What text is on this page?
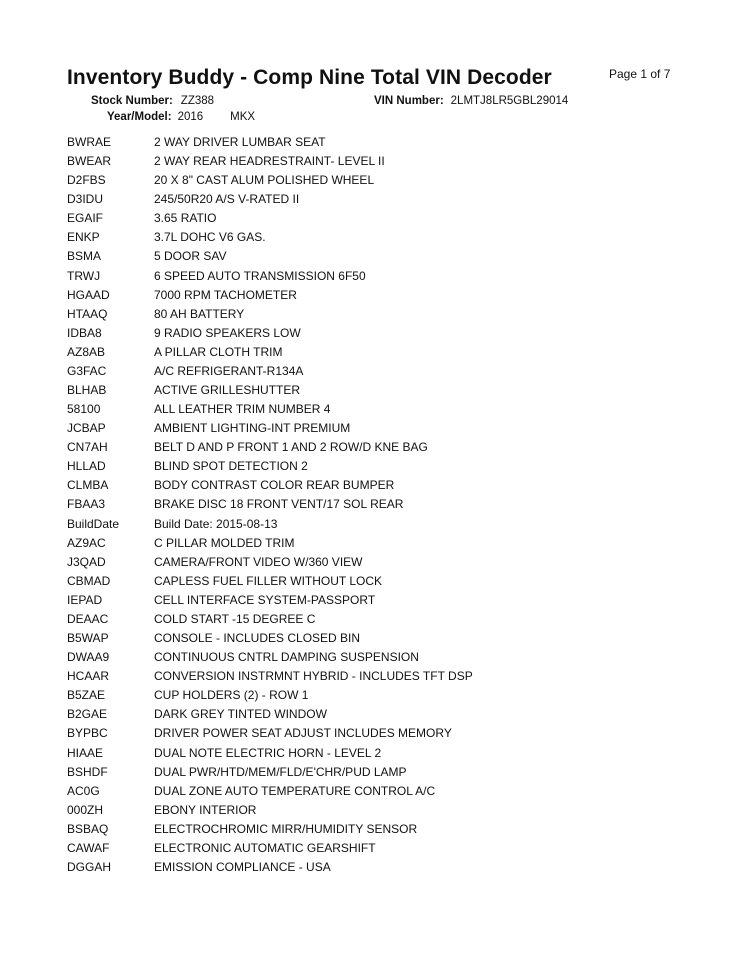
Inventory Buddy - Comp Nine Total VIN Decoder	Page 1 of 7
Stock Number: ZZ388	VIN Number: 2LMTJ8LR5GBL29014
Year/Model: 2016 MKX
BWRAE	2 WAY DRIVER LUMBAR SEAT
BWEAR	2 WAY REAR HEADRESTRAINT- LEVEL II
D2FBS	20 X 8" CAST ALUM POLISHED WHEEL
D3IDU	245/50R20 A/S V-RATED II
EGAIF	3.65 RATIO
ENKP	3.7L DOHC V6 GAS.
BSMA	5 DOOR SAV
TRWJ	6 SPEED AUTO TRANSMISSION 6F50
HGAAD	7000 RPM TACHOMETER
HTAAQ	80 AH BATTERY
IDBA8	9 RADIO SPEAKERS LOW
AZ8AB	A PILLAR CLOTH TRIM
G3FAC	A/C REFRIGERANT-R134A
BLHAB	ACTIVE GRILLESHUTTER
58100	ALL LEATHER TRIM NUMBER 4
JCBAP	AMBIENT LIGHTING-INT PREMIUM
CN7AH	BELT D AND P FRONT 1 AND 2 ROW/D KNE BAG
HLLAD	BLIND SPOT DETECTION 2
CLMBA	BODY CONTRAST COLOR REAR BUMPER
FBAA3	BRAKE DISC 18 FRONT VENT/17 SOL REAR
BuildDate	Build Date: 2015-08-13
AZ9AC	C PILLAR MOLDED TRIM
J3QAD	CAMERA/FRONT VIDEO W/360 VIEW
CBMAD	CAPLESS FUEL FILLER WITHOUT LOCK
IEPAD	CELL INTERFACE SYSTEM-PASSPORT
DEAAC	COLD START -15 DEGREE C
B5WAP	CONSOLE - INCLUDES CLOSED BIN
DWAA9	CONTINUOUS CNTRL DAMPING SUSPENSION
HCAAR	CONVERSION INSTRMNT HYBRID - INCLUDES TFT DSP
B5ZAE	CUP HOLDERS (2) - ROW 1
B2GAE	DARK GREY TINTED WINDOW
BYPBC	DRIVER POWER SEAT ADJUST INCLUDES MEMORY
HIAAE	DUAL NOTE ELECTRIC HORN - LEVEL 2
BSHDF	DUAL PWR/HTD/MEM/FLD/E'CHR/PUD LAMP
AC0G	DUAL ZONE AUTO TEMPERATURE CONTROL A/C
000ZH	EBONY INTERIOR
BSBAQ	ELECTROCHROMIC MIRR/HUMIDITY SENSOR
CAWAF	ELECTRONIC AUTOMATIC GEARSHIFT
DGGAH	EMISSION COMPLIANCE - USA
